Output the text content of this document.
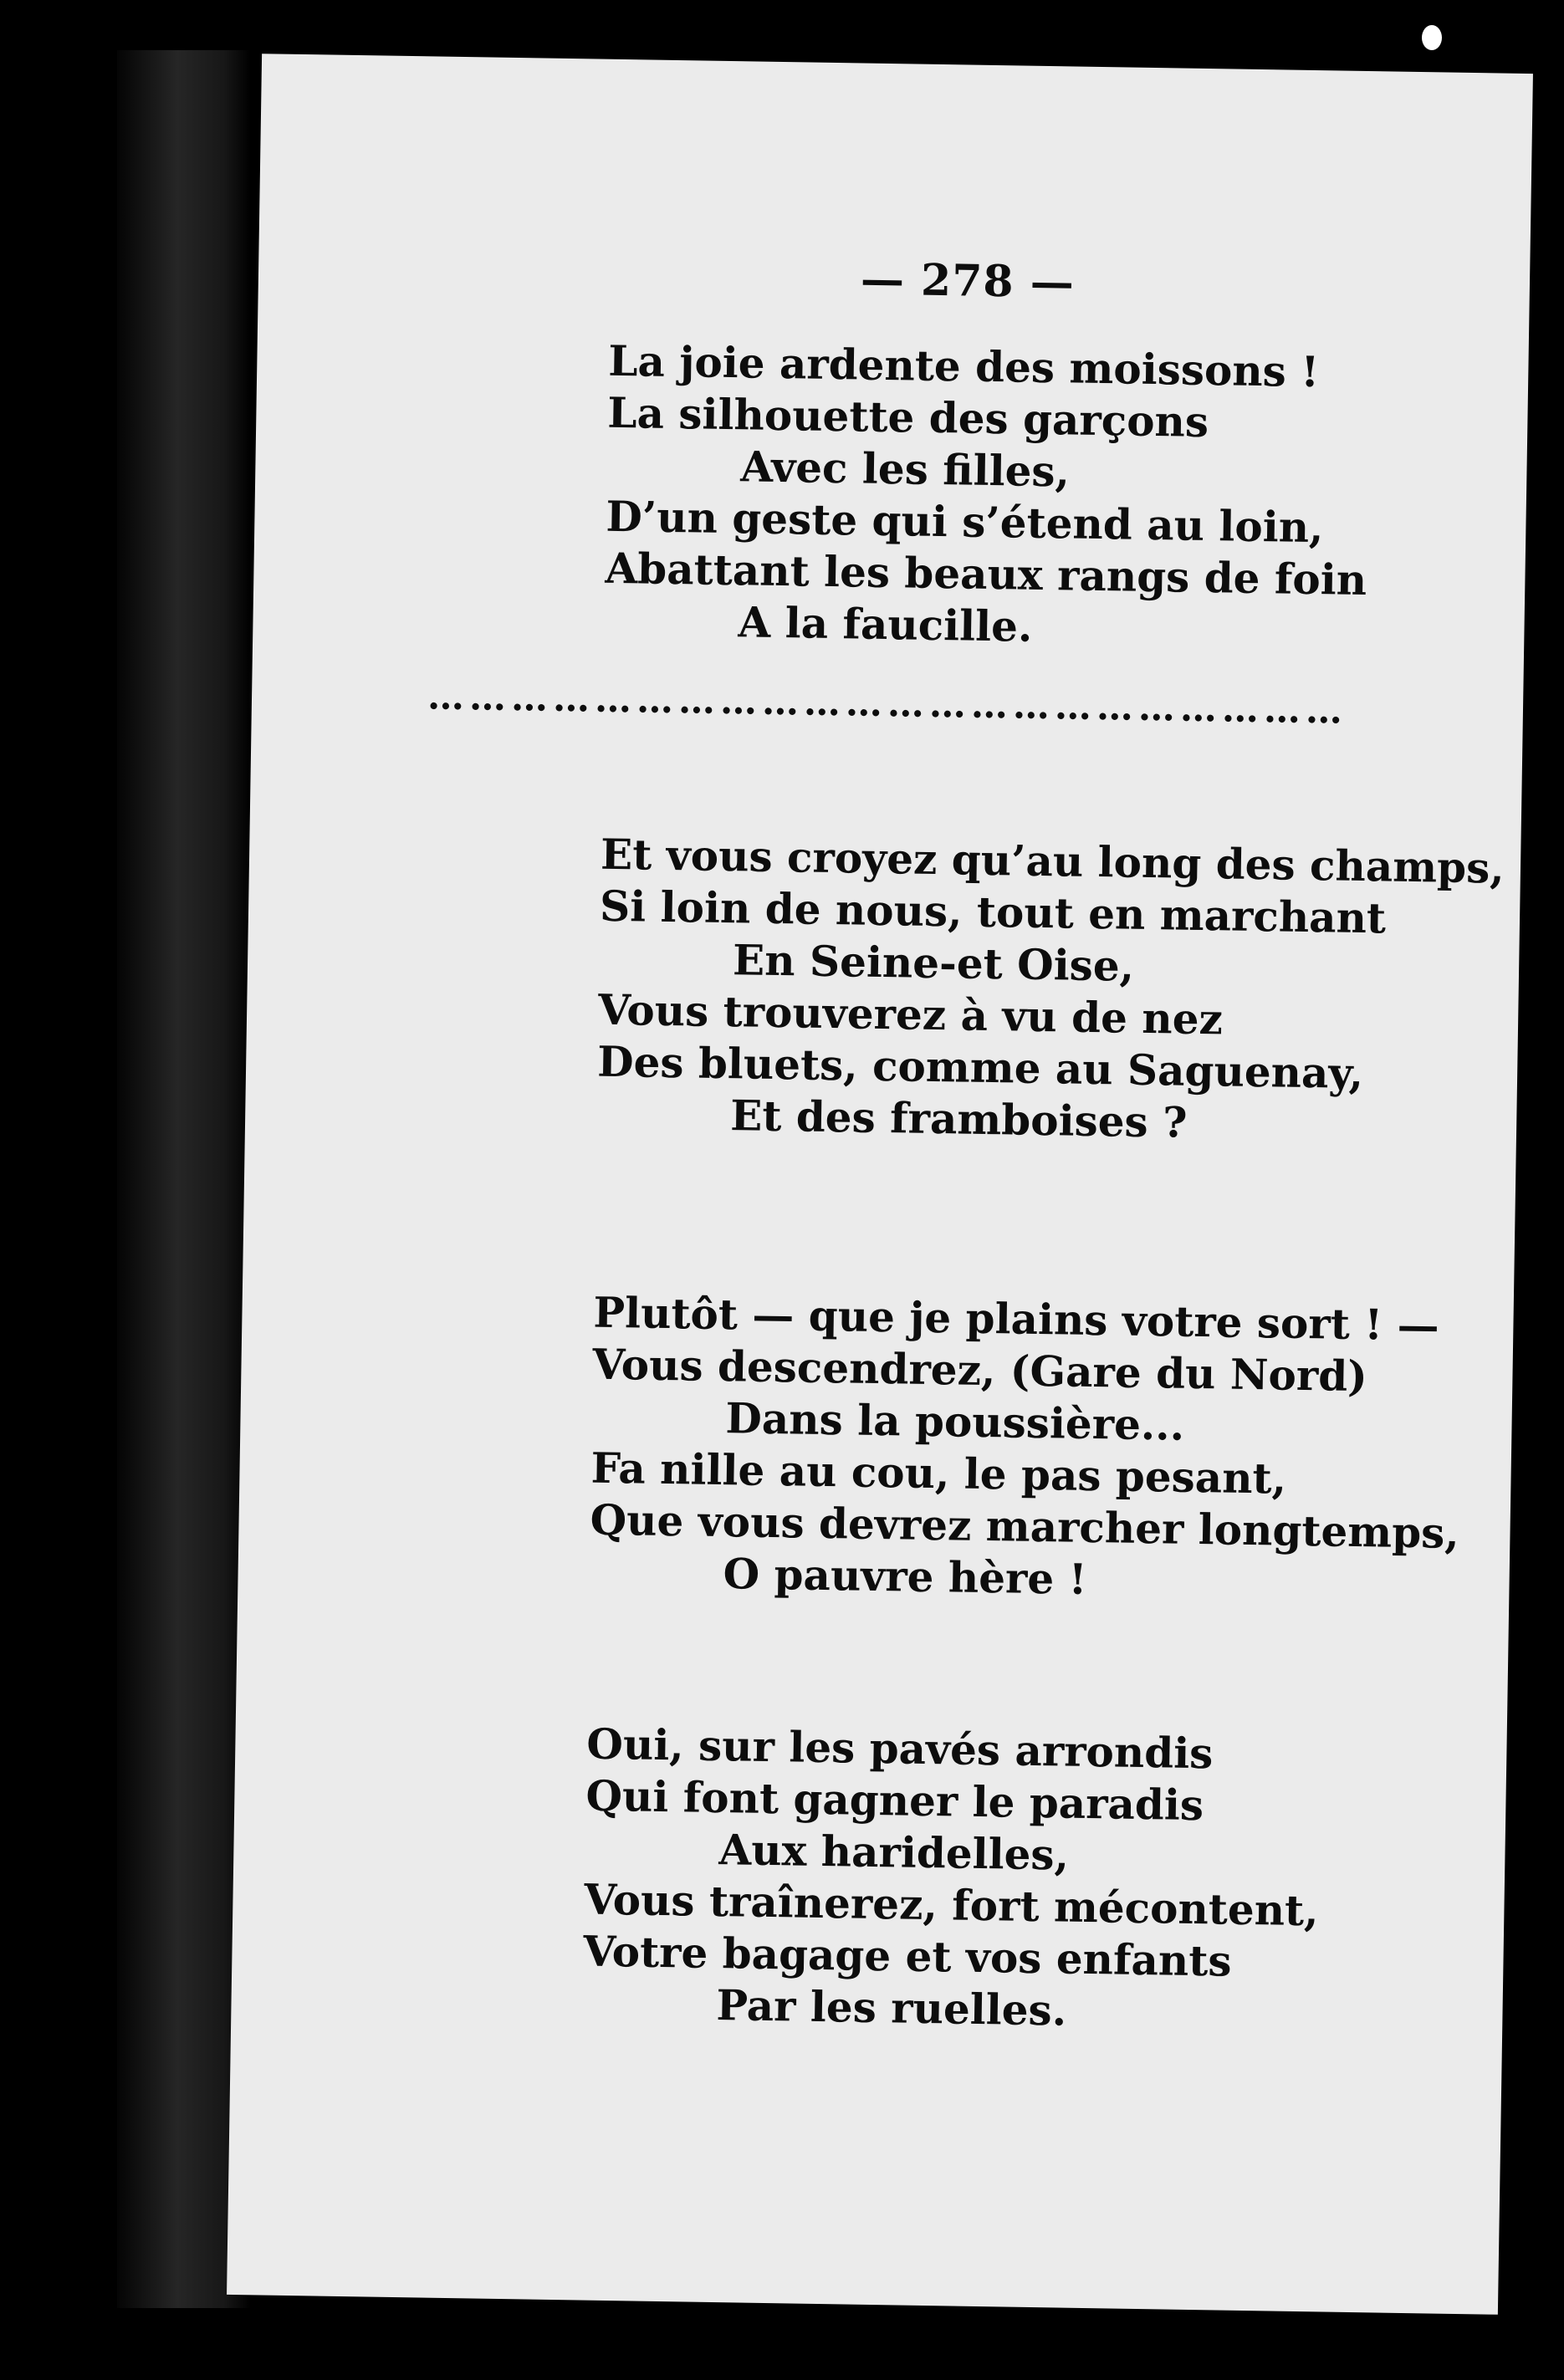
— 278 —
La joie ardente des moissons !
La silhouette des garçons
Avec les filles,
D’un geste qui s’étend au loin,
Abattant les beaux rangs de foin
A la faucille.
…………………………………………………………
Et vous croyez qu’au long des champs,
Si loin de nous, tout en marchant
En Seine-et Oise,
Vous trouverez à vu de nez
Des bluets, comme au Saguenay,
Et des framboises ?
Plutôt — que je plains votre sort ! —
Vous descendrez, (Gare du Nord)
Dans la poussière...
Fa nille au cou, le pas pesant,
Que vous devrez marcher longtemps,
O pauvre hère !
Oui, sur les pavés arrondis
Qui font gagner le paradis
Aux haridelles,
Vous traînerez, fort mécontent,
Votre bagage et vos enfants
Par les ruelles.
